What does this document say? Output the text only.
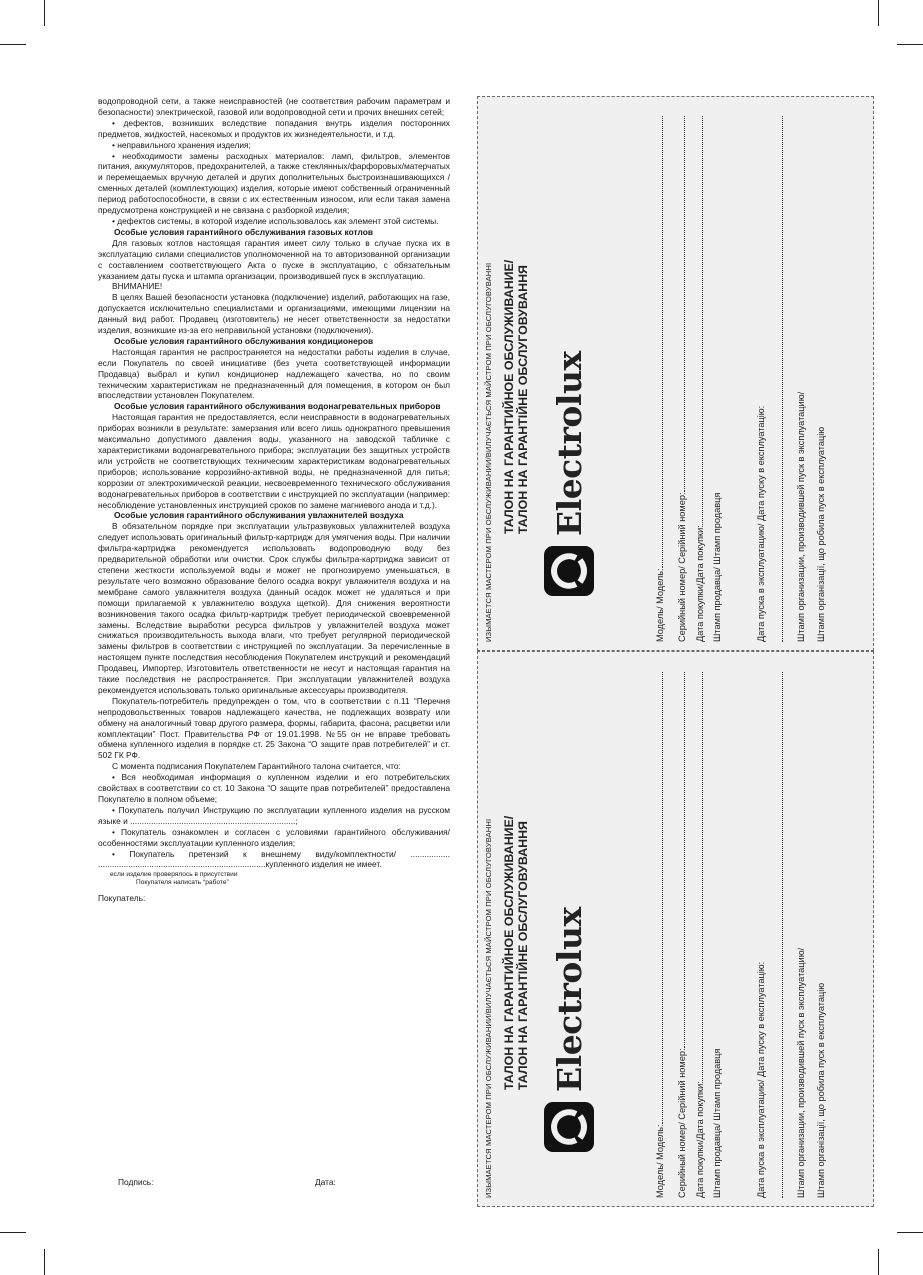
водопроводной сети, а также неисправностей (не соответствия рабочим параметрам и безопасности) электрической, газовой или водопроводной сети и прочих внешних сетей;

• дефектов, возникших вследствие попадания внутрь изделия посторонних предметов, жидкостей, насекомых и продуктов их жизнедеятельности, и т.д.

• неправильного хранения изделия;

• необходимости замены расходных материалов: ламп, фильтров, элементов питания, аккумуляторов, предохранителей, а также стеклянных/фарфоровых/матерчатых и перемещаемых вручную деталей и других дополнительных быстроизнашивающихся /сменных деталей (комплектующих) изделия, которые имеют собственный ограниченный период работоспособности, в связи с их естественным износом, или если такая замена предусмотрена конструкцией и не связана с разборкой изделия;

• дефектов системы, в которой изделие использовалось как элемент этой системы.

Особые условия гарантийного обслуживания газовых котлов

Для газовых котлов настоящая гарантия имеет силу только в случае пуска их в эксплуатацию силами специалистов уполномоченной на то авторизованной организации с составлением соответствующего Акта о пуске в эксплуатацию, с обязательным указанием даты пуска и штампа организации, производившей пуск в эксплуатацию.

ВНИМАНИЕ!

В целях Вашей безопасности установка (подключение) изделий, работающих на газе, допускается исключительно специалистами и организациями, имеющими лицензии на данный вид работ. Продавец (изготовитель) не несет ответственности за недостатки изделия, возникшие из-за его неправильной установки (подключения).

Особые условия гарантийного обслуживания кондиционеров

Настоящая гарантия не распространяется на недостатки работы изделия в случае, если Покупатель по своей инициативе (без учета соответствующей информации Продавца) выбрал и купил кондиционер надлежащего качества, но по своим техническим характеристикам не предназначенный для помещения, в котором он был впоследствии установлен Покупателем.

Особые условия гарантийного обслуживания водонагревательных приборов

Настоящая гарантия не предоставляется, если неисправности в водонагревательных приборах возникли в результате: замерзания или всего лишь однократного превышения максимально допустимого давления воды, указанного на заводской табличке с характеристиками водонагревательного прибора; эксплуатации без защитных устройств или устройств не соответствующих техническим характеристикам водонагревательных приборов; использование коррозийно-активной воды, не предназначенной для питья; коррозии от электрохимической реакции, несвоевременного технического обслуживания водонагревательных приборов в соответствии с инструкцией по эксплуатации (например: несоблюдение установленных инструкцией сроков по замене магниевого анода и т.д.).

Особые условия гарантийного обслуживания увлажнителей воздуха

В обязательном порядке при эксплуатации ультразвуковых увлажнителей воздуха следует использовать оригинальный фильтр-картридж для умягчения воды. При наличии фильтра-картриджа рекомендуется использовать водопроводную воду без предварительной обработки или очистки. Срок службы фильтра-картриджа зависит от степени жесткости используемой воды и может не прогнозируемо уменьшаться, в результате чего возможно образование белого осадка вокруг увлажнителя воздуха и на мембране самого увлажнителя воздуха (данный осадок может не удаляться и при помощи прилагаемой к увлажнителю воздуха щеткой). Для снижения вероятности возникновения такого осадка фильтр-картридж требует периодической своевременной замены. Вследствие выработки ресурса фильтров у увлажнителей воздуха может снижаться производительность выхода влаги, что требует регулярной периодической замены фильтров в соответствии с инструкцией по эксплуатации. За перечисленные в настоящем пункте последствия несоблюдения Покупателем инструкций и рекомендаций Продавец, Импортер, Изготовитель ответственности не несут и настоящая гарантия на такие последствия не распространяется. При эксплуатации увлажнителей воздуха рекомендуется использовать только оригинальные аксессуары производителя.

Покупатель-потребитель предупрежден о том, что в соответствии с п.11 “Перечня непродовольственных товаров надлежащего качества, не подлежащих возврату или обмену на аналогичный товар другого размера, формы, габарита, фасона, расцветки или комплектации” Пост. Правительства РФ от 19.01.1998. №55 он не вправе требовать обмена купленного изделия в порядке ст. 25 Закона “О защите прав потребителей” и ст. 502 ГК РФ.

С момента подписания Покупателем Гарантийного талона считается, что:

• Вся необходимая информация о купленном изделии и его потребительских свойствах в соответствии со ст. 10 Закона “О защите прав потребителей” предоставлена Покупателю в полном объеме;

• Покупатель получил Инструкцию по эксплуатации купленного изделия на русском языке и .......................................................................;

• Покупатель ознакомлен и согласен с условиями гарантийного обслуживания/особенностями эксплуатации купленного изделия;

• Покупатель претензий к внешнему виду/комплектности/ ................. ........................................................................купленного изделия не имеет.

если изделие проверялось в присутствии

Покупателя написать “работе”

Покупатель:

Подпись:	Дата:	ИЗЫМАЕТСЯ МАСТЕРОМ ПРИ ОБСЛУЖИВАНИИ/ВИЛУЧАЄТЬСЯ МАЙСТРОМ ПРИ ОБСЛУГОВУВАННІ ТАЛОН НА ГАРАНТИЙНОЕ ОБСЛУЖИВАНИЕ/ ТАЛОН НА ГАРАНТІЙНЕ ОБСЛУГОВУВАННЯ Electrolux
Модель/ Модель: Серийный номер/ Серійний номер: Дата покупки/Дата покупки: Штамп продавца/ Штамп продавця	Дата пуска в эксплуатацию/ Дата пуску в експлуатацію:	Штамп организации, производившей пуск в эксплуатацию/ Штамп організації, що робила пуск в експлуатацію
ИЗЫМАЕТСЯ МАСТЕРОМ ПРИ ОБСЛУЖИВАНИИ/ВИЛУЧАЄТЬСЯ МАЙСТРОМ ПРИ ОБСЛУГОВУВАННІ ТАЛОН НА ГАРАНТИЙНОЕ ОБСЛУЖИВАНИЕ/ ТАЛОН НА ГАРАНТІЙНЕ ОБСЛУГОВУВАННЯ Electrolux
Модель/ Модель: Серийный номер/ Серійний номер: Дата покупки/Дата покупки: Штамп продавца/ Штамп продавця	Дата пуска в эксплуатацию/ Дата пуску в експлуатацію:	Штамп организации, производившей пуск в эксплуатацию/ Штамп організації, що робила пуск в експлуатацію
